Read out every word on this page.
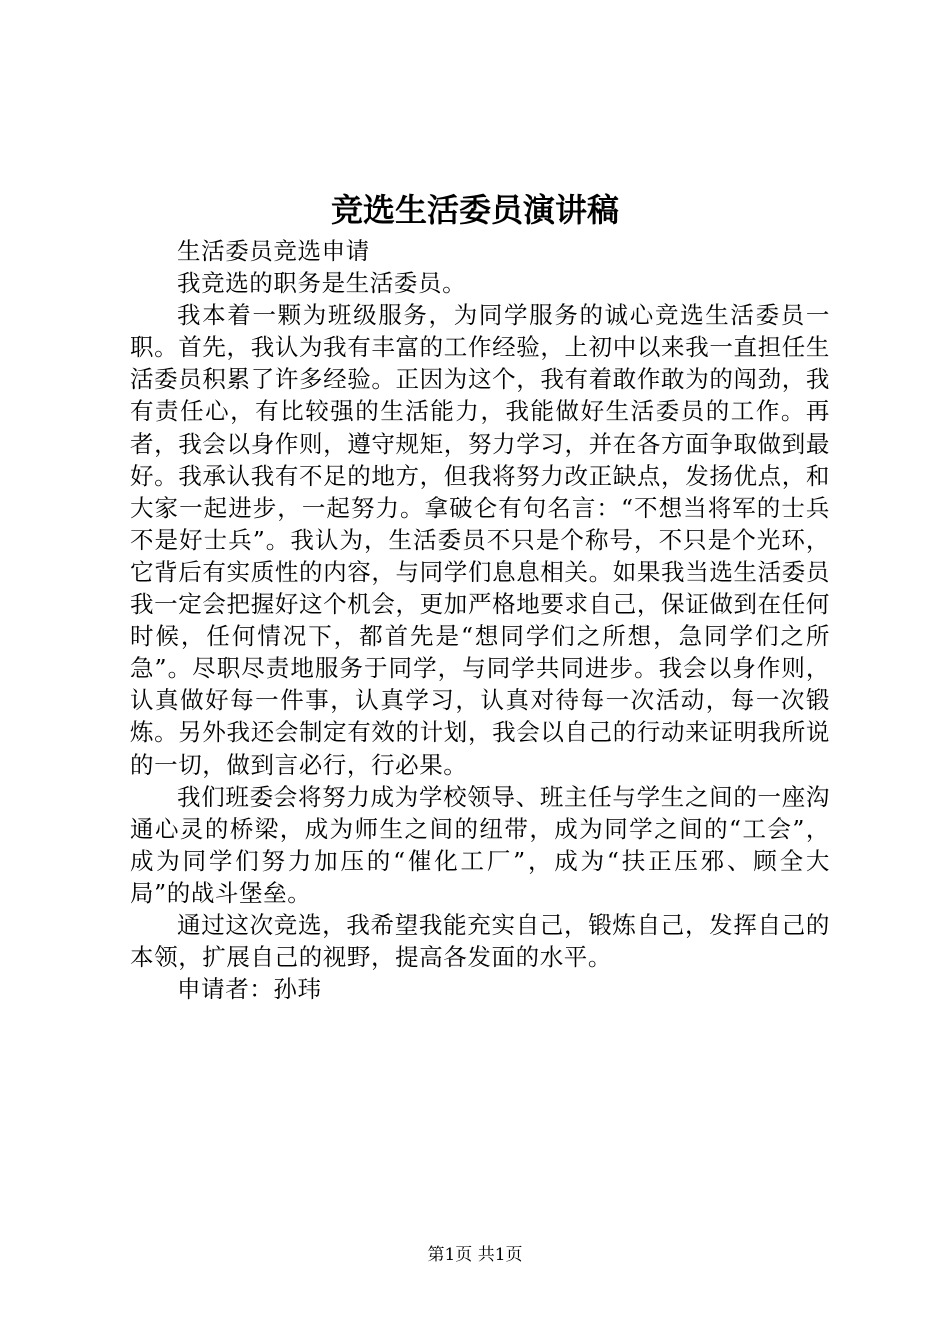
竞选生活委员演讲稿

生活委员竞选申请

我竞选的职务是生活委员。

我本着一颗为班级服务，为同学服务的诚心竞选生活委员一职。首先，我认为我有丰富的工作经验，上初中以来我一直担任生活委员积累了许多经验。正因为这个，我有着敢作敢为的闯劲，我有责任心，有比较强的生活能力，我能做好生活委员的工作。再者，我会以身作则，遵守规矩，努力学习，并在各方面争取做到最好。我承认我有不足的地方，但我将努力改正缺点，发扬优点，和大家一起进步，一起努力。拿破仑有句名言：“不想当将军的士兵不是好士兵”。我认为，生活委员不只是个称号，不只是个光环，它背后有实质性的内容，与同学们息息相关。如果我当选生活委员我一定会把握好这个机会，更加严格地要求自己，保证做到在任何时候，任何情况下，都首先是“想同学们之所想，急同学们之所急”。尽职尽责地服务于同学，与同学共同进步。我会以身作则，认真做好每一件事，认真学习，认真对待每一次活动，每一次锻炼。另外我还会制定有效的计划，我会以自己的行动来证明我所说的一切，做到言必行，行必果。

我们班委会将努力成为学校领导、班主任与学生之间的一座沟通心灵的桥梁，成为师生之间的纽带，成为同学之间的“工会”，成为同学们努力加压的“催化工厂”，成为“扶正压邪、顾全大局”的战斗堡垒。

通过这次竞选，我希望我能充实自己，锻炼自己，发挥自己的本领，扩展自己的视野，提高各发面的水平。

申请者：孙玮

第1页 共1页
